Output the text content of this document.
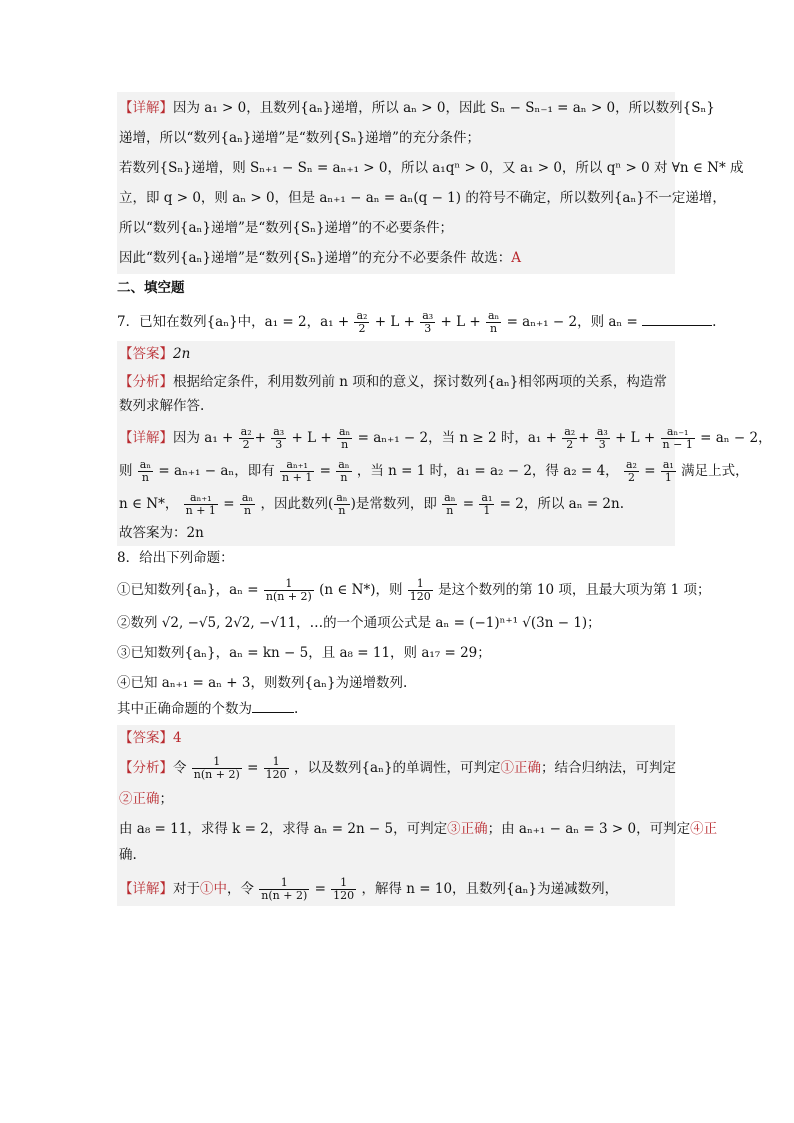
【详解】因为 a₁ > 0，且数列{aₙ}递增，所以 aₙ > 0，因此 Sₙ − Sₙ₋₁ = aₙ > 0，所以数列{Sₙ}

递增，所以“数列{aₙ}递增”是“数列{Sₙ}递增”的充分条件；

若数列{Sₙ}递增，则 Sₙ₊₁ − Sₙ = aₙ₊₁ > 0，所以 a₁qⁿ > 0，又 a₁ > 0，所以 qⁿ > 0 对 ∀n ∈ N* 成

立，即 q > 0，则 aₙ > 0，但是 aₙ₊₁ − aₙ = aₙ(q − 1) 的符号不确定，所以数列{aₙ}不一定递增，

所以“数列{aₙ}递增”是“数列{Sₙ}递增”的不必要条件；

因此“数列{aₙ}递增”是“数列{Sₙ}递增”的充分不必要条件 故选：A

二、填空题

7．已知在数列{aₙ}中，a₁ = 2，$a_1 + \frac{\text{a₂}}{2} + L + \frac{\text{a₃}}{3} + L + \frac{\text{aₙ}}{n} = a_{n+1} - 2$，则 aₙ =	.

【答案】2n

【分析】根据给定条件，利用数列前 n 项和的意义，探讨数列{aₙ}相邻两项的关系，构造常

数列求解作答.

【详解】因为 $a_1 + \frac{\text{a₂}}{2} + \frac{\text{a₃}}{3} + L + \frac{\text{aₙ}}{n} = a_{n+1} - 2$，当 n ≥ 2 时，$a_1 + \frac{\text{a₂}}{2} + \frac{\text{a₃}}{3} + L + \frac{\text{aₙ₋₁}}{n - 1} = a_n - 2$，

则 $\frac{\text{aₙ}}{n} = a_{n+1} - a_n$，即有 $\frac{\text{aₙ₊₁}}{n + 1} = \frac{\text{aₙ}}{n}$ ，当 n = 1 时，a₁ = a₂ − 2，得 a₂ = 4， $\frac{\text{a₂}}{2} = \frac{\text{a₁}}{1}$ 满足上式，

n ∈ N*， $\frac{\text{aₙ₊₁}}{n + 1} = \frac{\text{aₙ}}{n}$ ，因此数列( $\frac{\text{aₙ}}{n}$ )是常数列，即 $\frac{\text{aₙ}}{n} = \frac{\text{a₁}}{1} = 2$，所以 aₙ = 2n.

故答案为：2n

8．给出下列命题：

①已知数列{aₙ}，$a_n = \frac{1}{n(n + 2)} (n$ ∈ N*)，则 $\frac{1}{120}$ 是这个数列的第 10 项，且最大项为第 1 项；

②数列 √2, −√5, 2√2, −√11，…的一个通项公式是 aₙ = (−1)ⁿ⁺¹ √(3n − 1)；

③已知数列{aₙ}，aₙ = kn − 5，且 a₈ = 11，则 a₁₇ = 29；

④已知 aₙ₊₁ = aₙ + 3，则数列{aₙ}为递增数列.

其中正确命题的个数为	.

【答案】4

【分析】令 $\frac{1}{n(n + 2)} = \frac{1}{120}$ ，以及数列{aₙ}的单调性，可判定①正确；结合归纳法，可判定

②正确；

由 a₈ = 11，求得 k = 2，求得 aₙ = 2n − 5，可判定③正确；由 aₙ₊₁ − aₙ = 3 > 0，可判定④正

确.

【详解】对于①中，令 $\frac{1}{n(n + 2)} = \frac{1}{120}$ ，解得 n = 10，且数列{aₙ}为递减数列，
